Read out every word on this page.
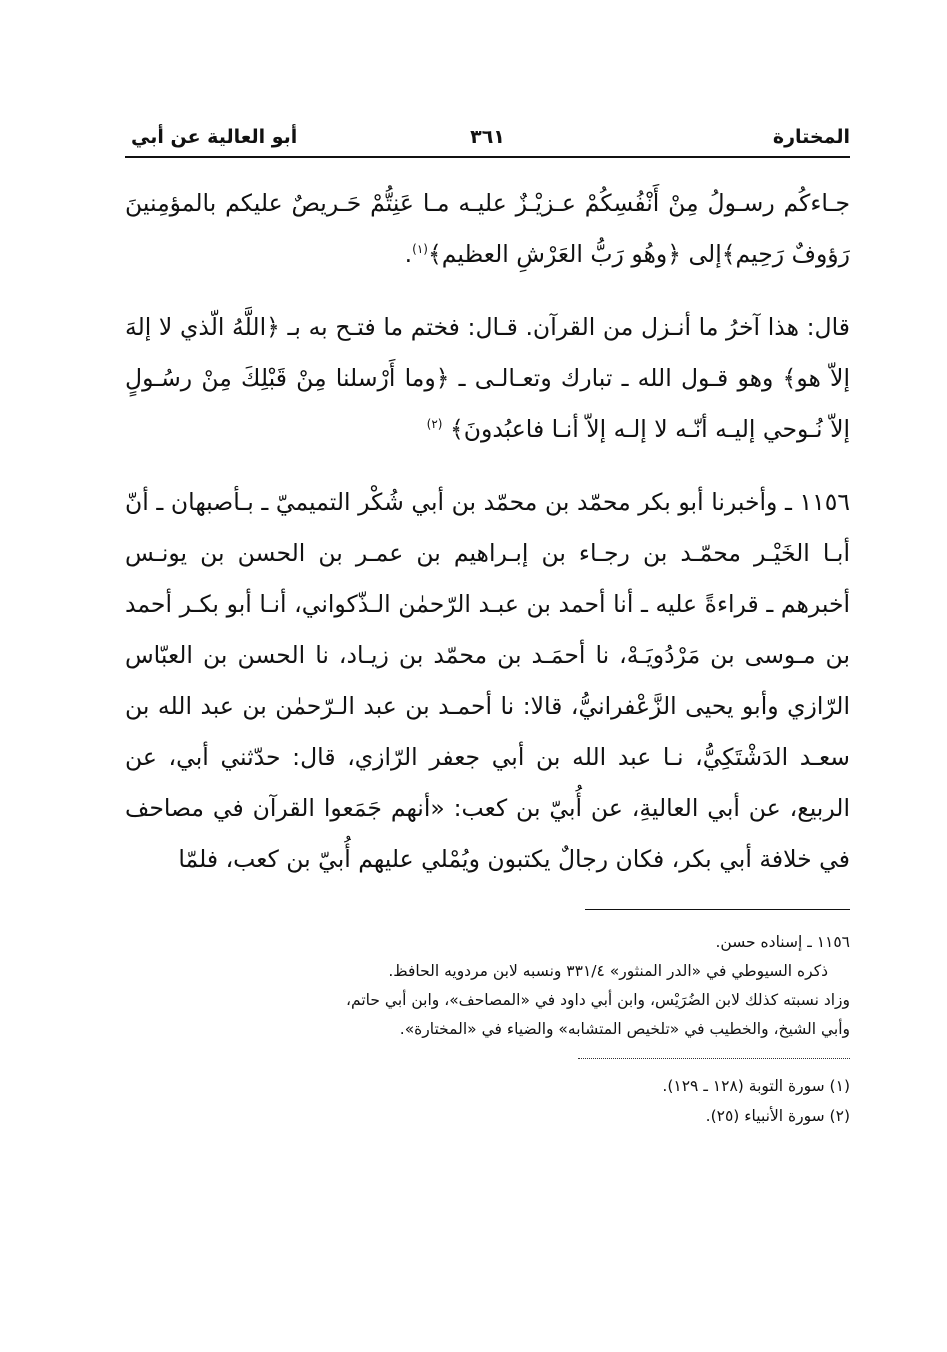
المختارة
٣٦١
أبو العالية عن أبي

جـاءكُم رسـولُ مِنْ أَنْفُسِكُمْ عـزيْـزٌ عليـه مـا عَنِتُّمْ حَـريصٌ عليكم بالمؤمِنينَ رَؤوفٌ رَحِيم﴾إلى ﴿وهُو رَبُّ العَرْشِ العظيم﴾$^{(١)}$.

قال: هذا آخرُ ما أنـزل من القرآن. قـال: فختم ما فتـح به بـ ﴿اللَّهُ الّذي لا إلهَ إلاّ هو﴾ وهو قـول الله ـ تبارك وتعـالـى ـ ﴿وما أَرْسلنا مِنْ قَبْلِكَ مِنْ رسُـولٍ إلاّ نُـوحي إليـه أنّـه لا إلـه إلاّ أنـا فاعبُدونَ﴾ $^{(٢)}$

١١٥٦ ـ وأخبرنا أبو بكر محمّد بن محمّد بن أبي شُكْر التميميّ ـ بـأصبهان ـ أنّ أبـا الخَيْـر محمّـد بن رجـاء بن إبـراهيم بن عمـر بن الحسن بن يونـس أخبرهم ـ قراءةً عليه ـ أنا أحمد بن عبـد الرّحمٰن الـذّكواني، أنـا أبو بكـر أحمد بن مـوسى بن مَرْدُويَـهْ، نا أحمَـد بن محمّد بن زيـاد، نا الحسن بن العبّاس الرّازي وأبو يحيى الزَّعْفرانيُّ، قالا: نا أحمـد بن عبد الـرّحمٰن بن عبد الله بن سعـد الدَشْتَكِيُّ، نـا عبد الله بن أبي جعفر الرّازي، قال: حدّثني أبي، عن الربيع، عن أبي العاليةِ، عن أُبيّ بن كعب: «أنهم جَمَعوا القرآن في مصاحف في خلافة أبي بكر، فكان رجالٌ يكتبون ويُمْلي عليهم أُبيّ بن كعب، فلمّا

١١٥٦ ـ إسناده حسن.

ذكره السيوطي في «الدر المنثور» ٣٣١/٤ ونسبه لابن مردويه الحافظ.

وزاد نسبته كذلك لابن الضُرَيْس، وابن أبي داود في «المصاحف»، وابن أبي حاتم،

وأبي الشيخ، والخطيب في «تلخيص المتشابه» والضياء في «المختارة».

(١) سورة التوبة (١٢٨ ـ ١٢٩).

(٢) سورة الأنبياء (٢٥).
